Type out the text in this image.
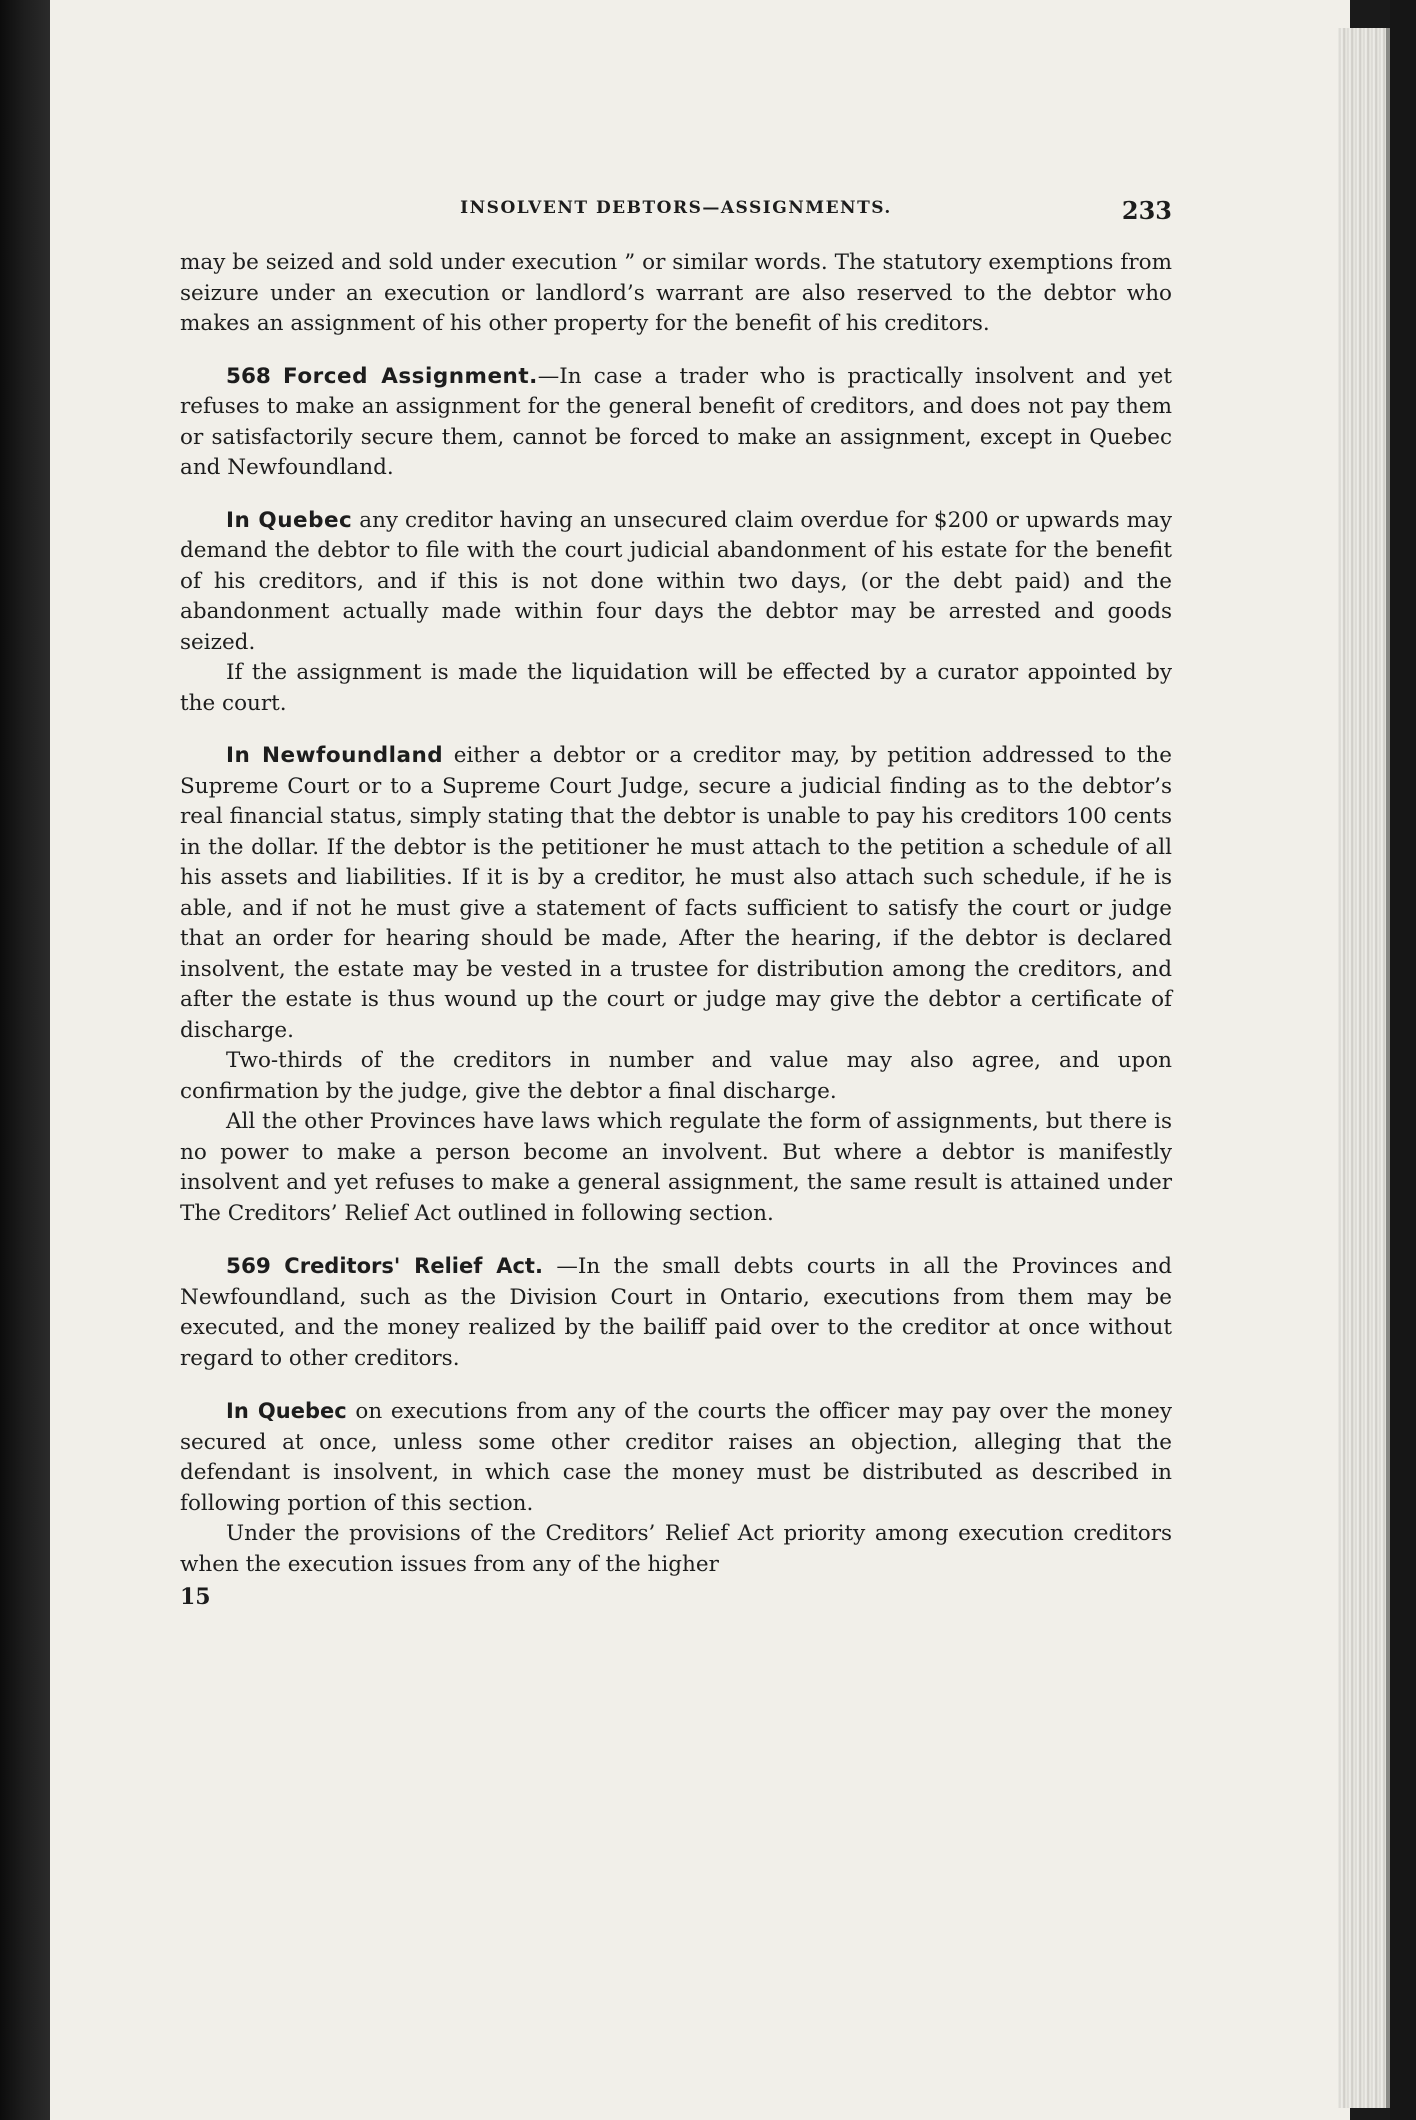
INSOLVENT DEBTORS—ASSIGNMENTS.	233

may be seized and sold under execution ” or similar words. The statutory exemptions from seizure under an execution or landlord’s warrant are also reserved to the debtor who makes an assignment of his other property for the benefit of his creditors.

568 Forced Assignment.—In case a trader who is practically insolvent and yet refuses to make an assignment for the general benefit of creditors, and does not pay them or satisfactorily secure them, cannot be forced to make an assignment, except in Quebec and Newfoundland.

In Quebec any creditor having an unsecured claim overdue for $200 or upwards may demand the debtor to file with the court judicial abandonment of his estate for the benefit of his creditors, and if this is not done within two days, (or the debt paid) and the abandonment actually made within four days the debtor may be arrested and goods seized.

If the assignment is made the liquidation will be effected by a curator appointed by the court.

In Newfoundland either a debtor or a creditor may, by petition addressed to the Supreme Court or to a Supreme Court Judge, secure a judicial finding as to the debtor’s real financial status, simply stating that the debtor is unable to pay his creditors 100 cents in the dollar. If the debtor is the petitioner he must attach to the petition a schedule of all his assets and liabilities. If it is by a creditor, he must also attach such schedule, if he is able, and if not he must give a statement of facts sufficient to satisfy the court or judge that an order for hearing should be made, After the hearing, if the debtor is declared insolvent, the estate may be vested in a trustee for distribution among the creditors, and after the estate is thus wound up the court or judge may give the debtor a certificate of discharge.

Two-thirds of the creditors in number and value may also agree, and upon confirmation by the judge, give the debtor a final discharge.

All the other Provinces have laws which regulate the form of assignments, but there is no power to make a person become an involvent. But where a debtor is manifestly insolvent and yet refuses to make a general assignment, the same result is attained under The Creditors’ Relief Act outlined in following section.

569 Creditors' Relief Act. —In the small debts courts in all the Provinces and Newfoundland, such as the Division Court in Ontario, executions from them may be executed, and the money realized by the bailiff paid over to the creditor at once without regard to other creditors.

In Quebec on executions from any of the courts the officer may pay over the money secured at once, unless some other creditor raises an objection, alleging that the defendant is insolvent, in which case the money must be distributed as described in following portion of this section.

Under the provisions of the Creditors’ Relief Act priority among execution creditors when the execution issues from any of the higher

15
